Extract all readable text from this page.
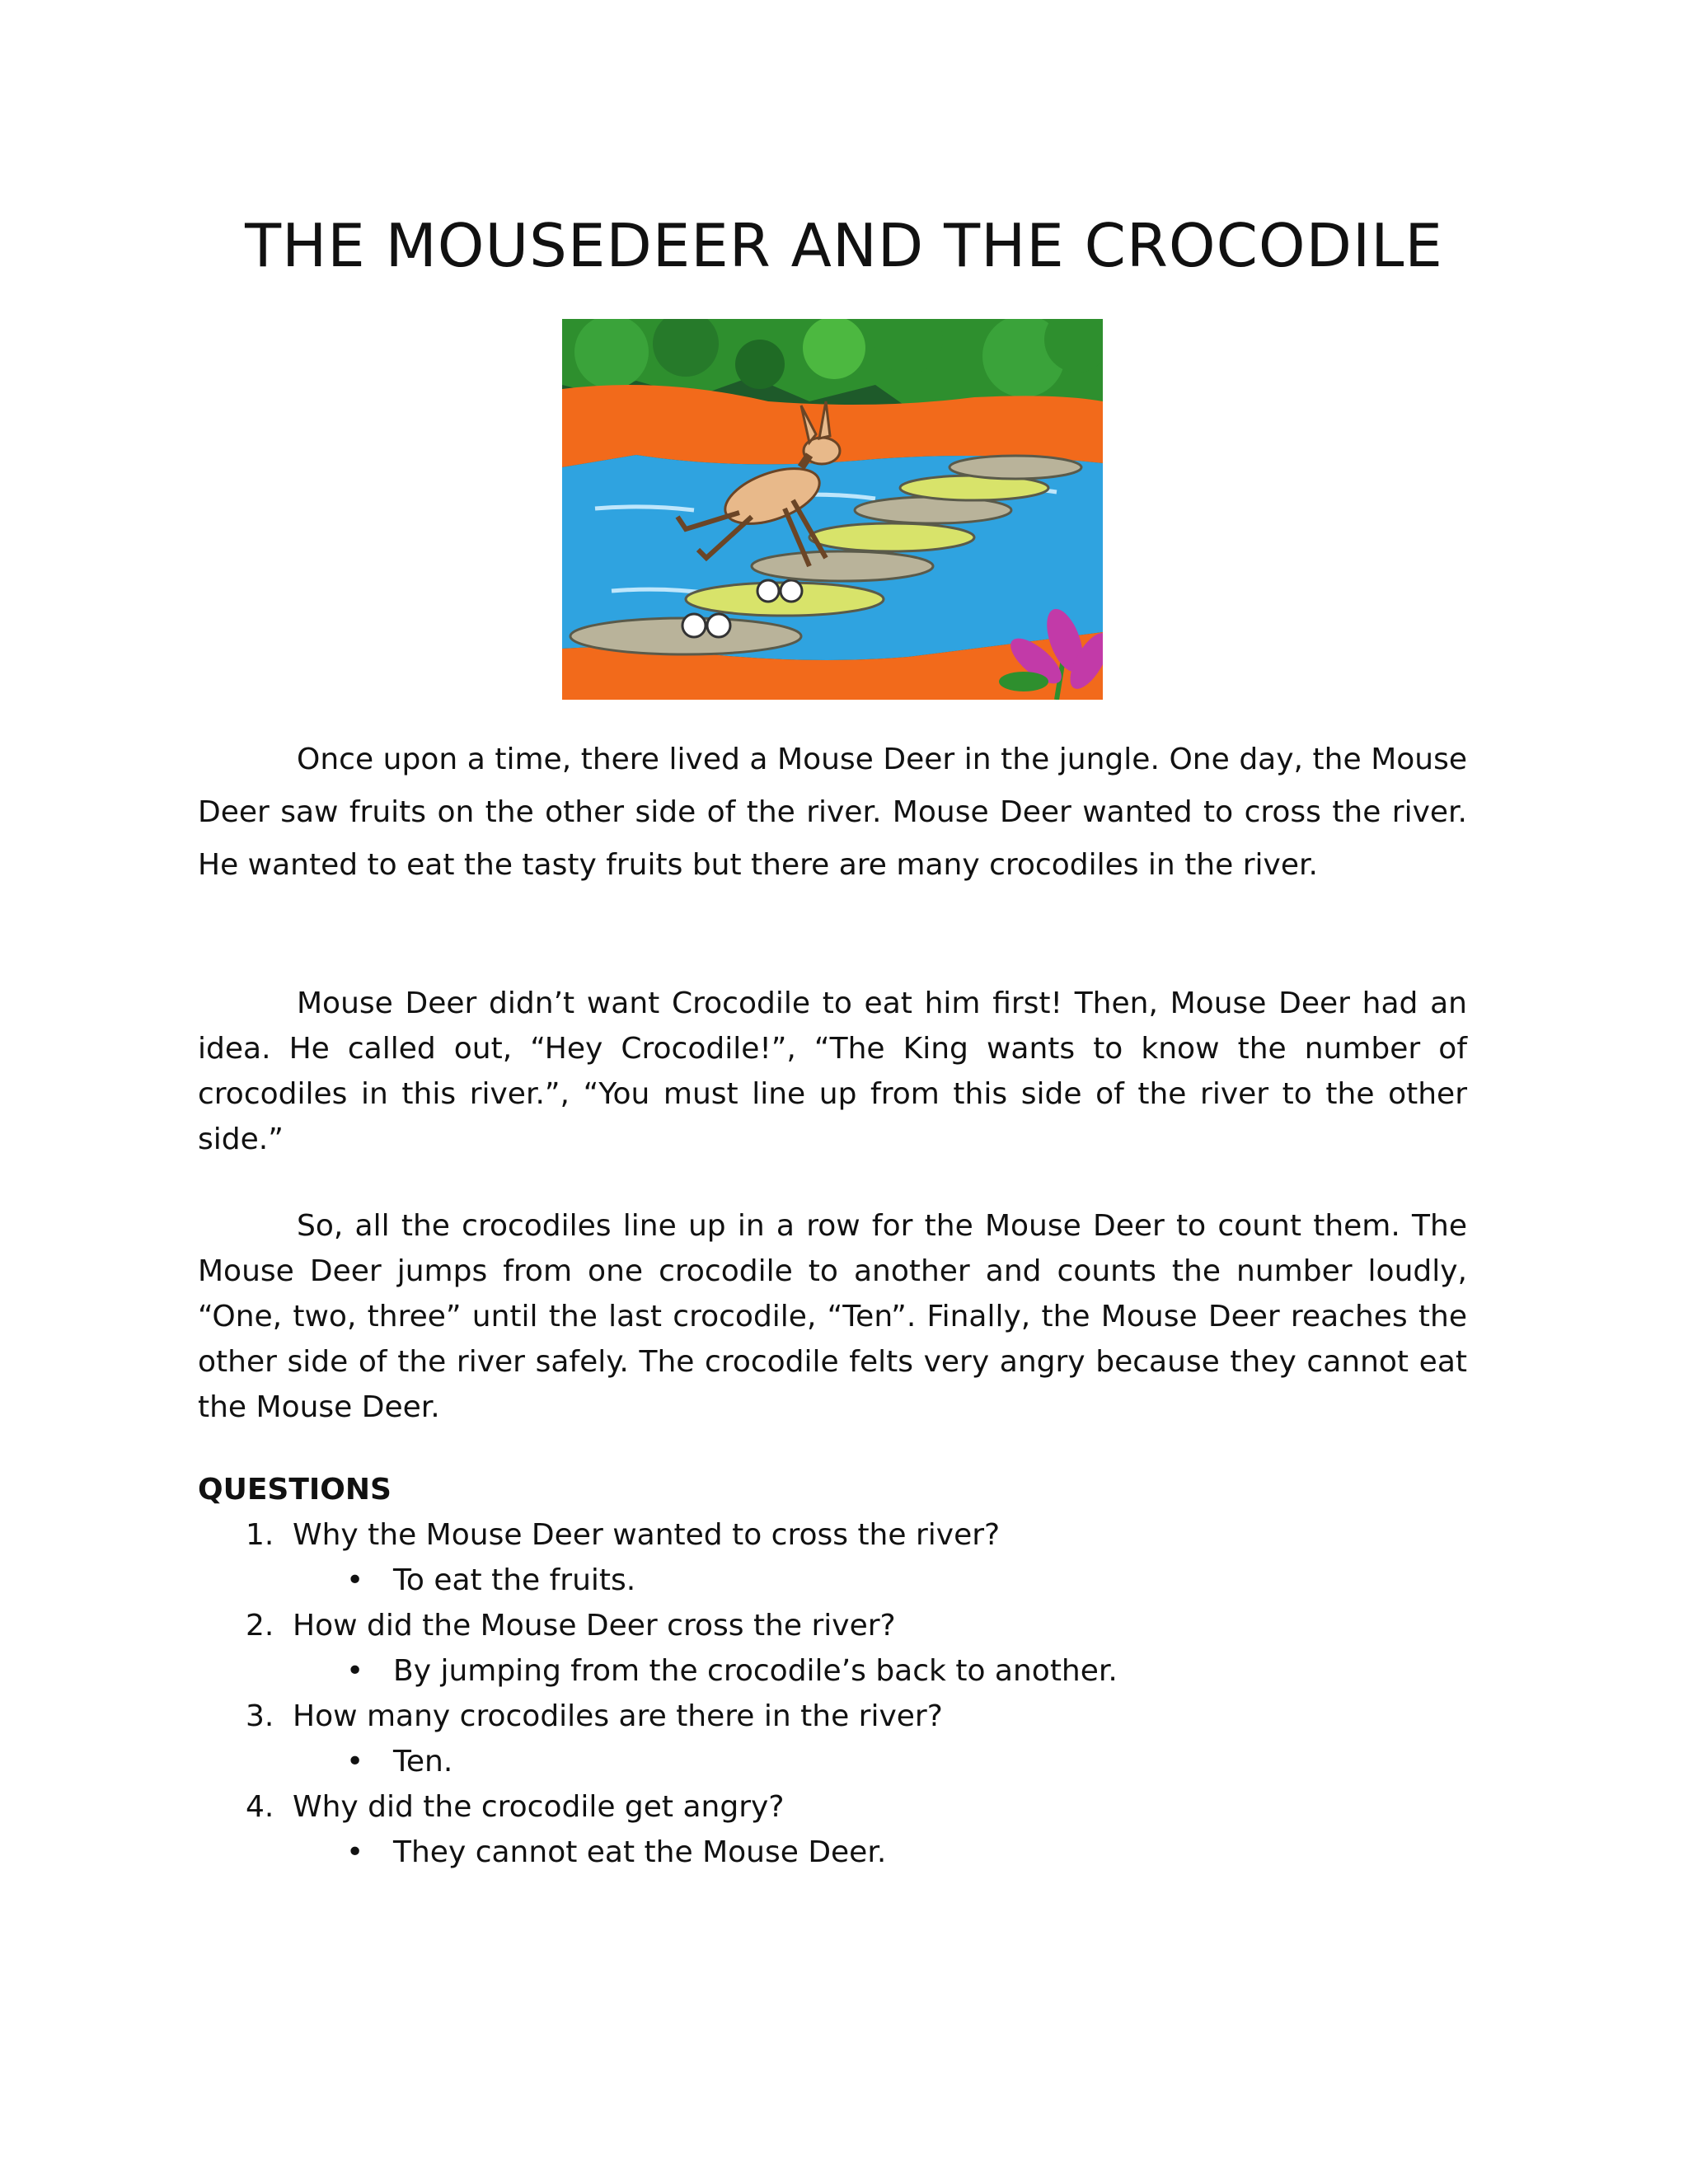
THE MOUSEDEER AND THE CROCODILE

Once upon a time, there lived a Mouse Deer in the jungle. One day, the Mouse Deer saw fruits on the other side of the river. Mouse Deer wanted to cross the river. He wanted to eat the tasty fruits but there are many crocodiles in the river.

Mouse Deer didn’t want Crocodile to eat him first! Then, Mouse Deer had an idea. He called out, “Hey Crocodile!”, “The King wants to know the number of crocodiles in this river.”, “You must line up from this side of the river to the other side.”

So, all the crocodiles line up in a row for the Mouse Deer to count them. The Mouse Deer jumps from one crocodile to another and counts the number loudly, “One, two, three” until the last crocodile, “Ten”. Finally, the Mouse Deer reaches the other side of the river safely. The crocodile felts very angry because they cannot eat the Mouse Deer.

QUESTIONS

1. Why the Mouse Deer wanted to cross the river?
• To eat the fruits.
2. How did the Mouse Deer cross the river?
• By jumping from the crocodile’s back to another.
3. How many crocodiles are there in the river?
• Ten.
4. Why did the crocodile get angry?
• They cannot eat the Mouse Deer.
